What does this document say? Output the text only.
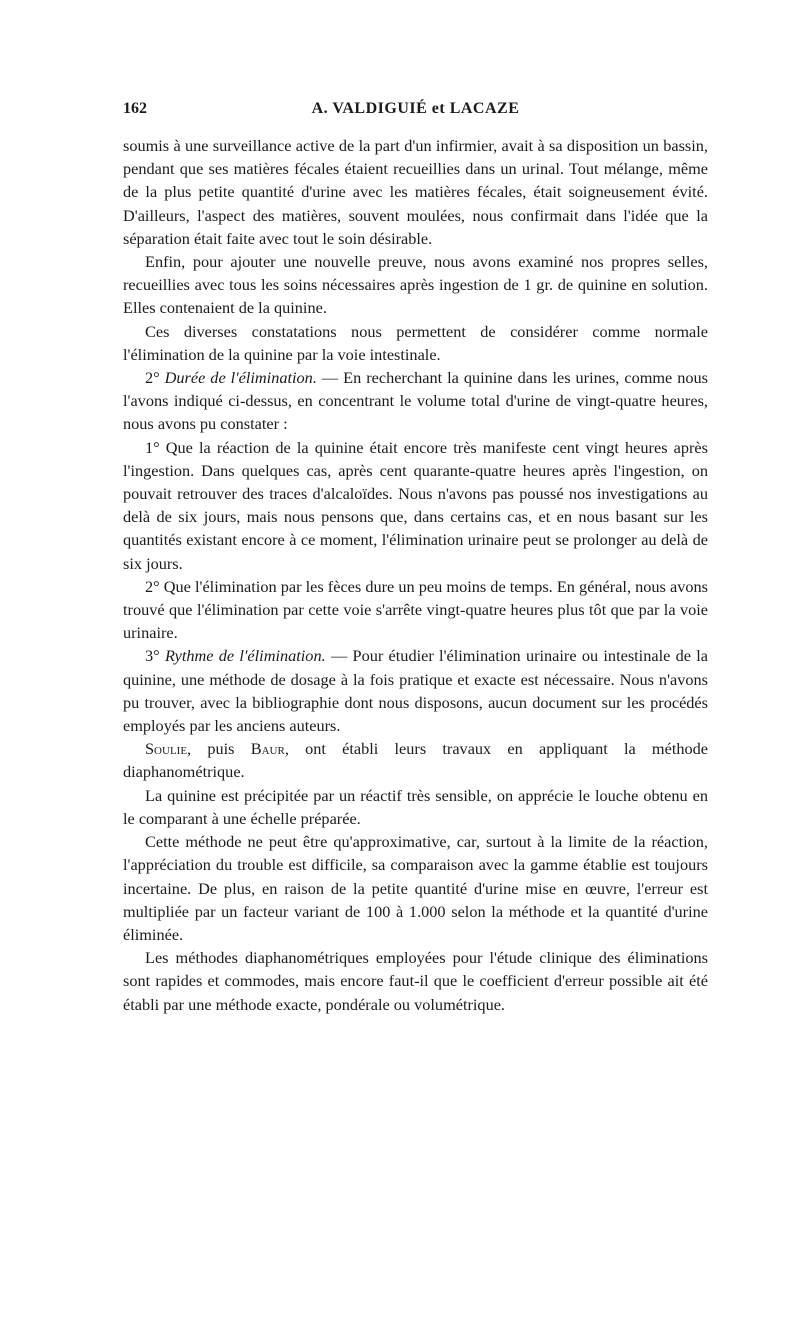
162	A. VALDIGUIÉ et LACAZE

soumis à une surveillance active de la part d'un infirmier, avait à sa disposition un bassin, pendant que ses matières fécales étaient recueillies dans un urinal. Tout mélange, même de la plus petite quantité d'urine avec les matières fécales, était soigneusement évité. D'ailleurs, l'aspect des matières, souvent moulées, nous confirmait dans l'idée que la séparation était faite avec tout le soin désirable.

Enfin, pour ajouter une nouvelle preuve, nous avons examiné nos propres selles, recueillies avec tous les soins nécessaires après ingestion de 1 gr. de quinine en solution. Elles contenaient de la quinine.

Ces diverses constatations nous permettent de considérer comme normale l'élimination de la quinine par la voie intestinale.

2° Durée de l'élimination. — En recherchant la quinine dans les urines, comme nous l'avons indiqué ci-dessus, en concentrant le volume total d'urine de vingt-quatre heures, nous avons pu constater :

1° Que la réaction de la quinine était encore très manifeste cent vingt heures après l'ingestion. Dans quelques cas, après cent quarante-quatre heures après l'ingestion, on pouvait retrouver des traces d'alcaloïdes. Nous n'avons pas poussé nos investigations au delà de six jours, mais nous pensons que, dans certains cas, et en nous basant sur les quantités existant encore à ce moment, l'élimination urinaire peut se prolonger au delà de six jours.

2° Que l'élimination par les fèces dure un peu moins de temps. En général, nous avons trouvé que l'élimination par cette voie s'arrête vingt-quatre heures plus tôt que par la voie urinaire.

3° Rythme de l'élimination. — Pour étudier l'élimination urinaire ou intestinale de la quinine, une méthode de dosage à la fois pratique et exacte est nécessaire. Nous n'avons pu trouver, avec la bibliographie dont nous disposons, aucun document sur les procédés employés par les anciens auteurs.

Soulie, puis Baur, ont établi leurs travaux en appliquant la méthode diaphanométrique.

La quinine est précipitée par un réactif très sensible, on apprécie le louche obtenu en le comparant à une échelle préparée.

Cette méthode ne peut être qu'approximative, car, surtout à la limite de la réaction, l'appréciation du trouble est difficile, sa comparaison avec la gamme établie est toujours incertaine. De plus, en raison de la petite quantité d'urine mise en œuvre, l'erreur est multipliée par un facteur variant de 100 à 1.000 selon la méthode et la quantité d'urine éliminée.

Les méthodes diaphanométriques employées pour l'étude clinique des éliminations sont rapides et commodes, mais encore faut-il que le coefficient d'erreur possible ait été établi par une méthode exacte, pondérale ou volumétrique.
